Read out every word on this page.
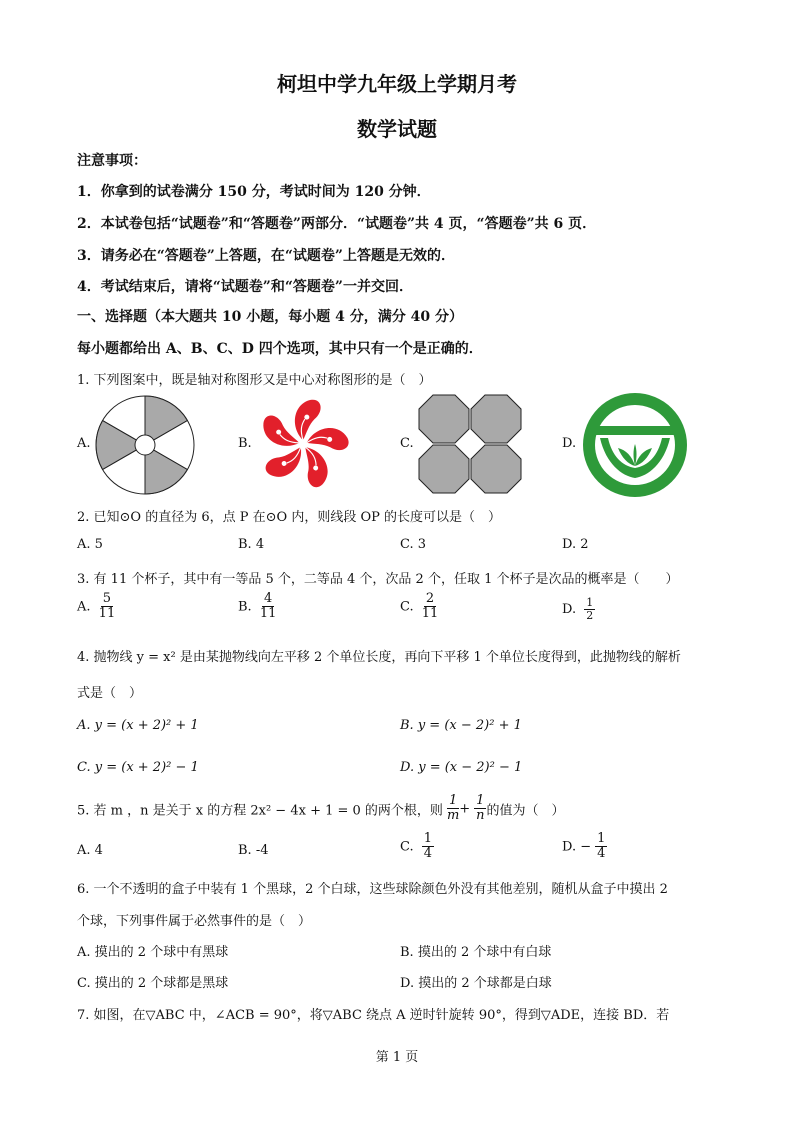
柯坦中学九年级上学期月考
数学试题
注意事项：
1．你拿到的试卷满分 150 分，考试时间为 120 分钟．
2．本试卷包括“试题卷”和“答题卷”两部分．“试题卷”共 4 页，“答题卷”共 6 页．
3．请务必在“答题卷”上答题，在“试题卷”上答题是无效的．
4．考试结束后，请将“试题卷”和“答题卷”一并交回．
一、选择题（本大题共 10 小题，每小题 4 分，满分 40 分）
每小题都给出 A、B、C、D 四个选项，其中只有一个是正确的．
1. 下列图案中，既是轴对称图形又是中心对称图形的是（　）
A.	B.	C.	D.
2. 已知⊙O 的直径为 6，点 P 在⊙O 内，则线段 OP 的长度可以是（　）
A. 5	B. 4	C. 3	D. 2
3. 有 11 个杯子，其中有一等品 5 个，二等品 4 个，次品 2 个，任取 1 个杯子是次品的概率是（　　）
A. $\frac{5}{11}$	B. $\frac{4}{11}$	C. $\frac{2}{11}$	D. $\frac{1}{2}$
4. 抛物线 y = x² 是由某抛物线向左平移 2 个单位长度，再向下平移 1 个单位长度得到，此抛物线的解析
式是（　）
A. y = (x + 2)² + 1	B. y = (x − 2)² + 1
C. y = (x + 2)² − 1	D. y = (x − 2)² − 1
5. 若 m ，n 是关于 x 的方程 2x² − 4x + 1 = 0 的两个根，则 $\frac{1}{m} + \frac{1}{n}$ 的值为（　）
A. 4	B. -4	C. $\frac{1}{4}$	D. − $\frac{1}{4}$
6. 一个不透明的盒子中装有 1 个黑球，2 个白球，这些球除颜色外没有其他差别，随机从盒子中摸出 2
个球，下列事件属于必然事件的是（　）
A. 摸出的 2 个球中有黑球	B. 摸出的 2 个球中有白球
C. 摸出的 2 个球都是黑球	D. 摸出的 2 个球都是白球
7. 如图，在▽ABC 中，∠ACB = 90°，将▽ABC 绕点 A 逆时针旋转 90°，得到▽ADE，连接 BD．若
第 1 页
